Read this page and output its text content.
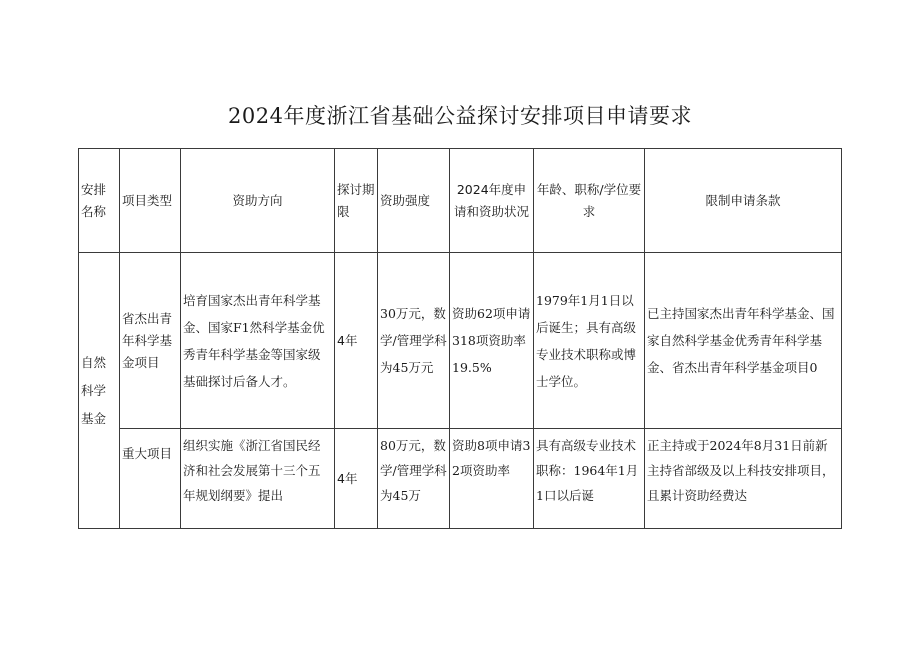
2024年度浙江省基础公益探讨安排项目申请要求
安排名称	项目类型	资助方向	探讨期限	资助强度	2024年度申请和资助状况	年龄、职称/学位要求	限制申请条款
自然科学基金	省杰出青年科学基金项目	培育国家杰出青年科学基金、国家F1然科学基金优秀青年科学基金等国家级基础探讨后备人才。	4年	30万元，数学/管理学科为45万元	资助62项申请318项资助率19.5%	1979年1月1日以后诞生；具有高级专业技术职称或博士学位。	已主持国家杰出青年科学基金、国家自然科学基金优秀青年科学基金、省杰出青年科学基金项目0
	重大项目	组织实施《浙江省国民经济和社会发展第十三个五年规划纲要》提出	4年	80万元，数学/管理学科为45万	资助8项申请32项资助率	具有高级专业技术职称：1964年1月1口以后诞	正主持或于2024年8月31日前新主持省部级及以上科技安排项目，且累计资助经费达
